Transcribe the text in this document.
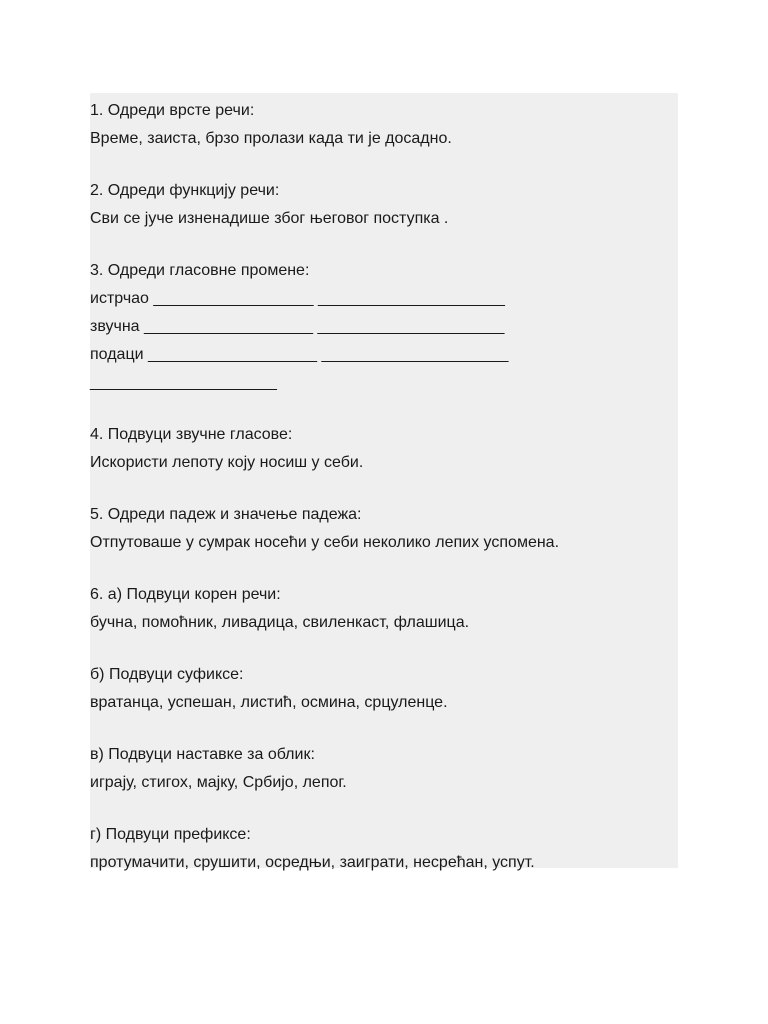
1. Одреди врсте речи:

Време, заиста, брзо пролази када ти је досадно.

2. Одреди функцију речи:

Сви се јуче изненадише због његовог поступка .

3. Одреди гласовне промене:

истрчао __________________ _____________________

звучна ___________________ _____________________

подаци ___________________ _____________________

_____________________

4. Подвуци звучне гласове:

Искористи лепоту коју носиш у себи.

5. Одреди падеж и значење падежа:

Отпутоваше у сумрак носећи у себи неколико лепих успомена.

6. а) Подвуци корен речи:

бучна, помоћник, ливадица, свиленкаст, флашица.

б) Подвуци суфиксе:

вратанца, успешан, листић, осмина, срцуленце.

в) Подвуци наставке за облик:

играју, стигох, мајку, Србијо, лепог.

г) Подвуци префиксе:

протумачити, срушити, осредњи, заиграти, несрећан, успут.
